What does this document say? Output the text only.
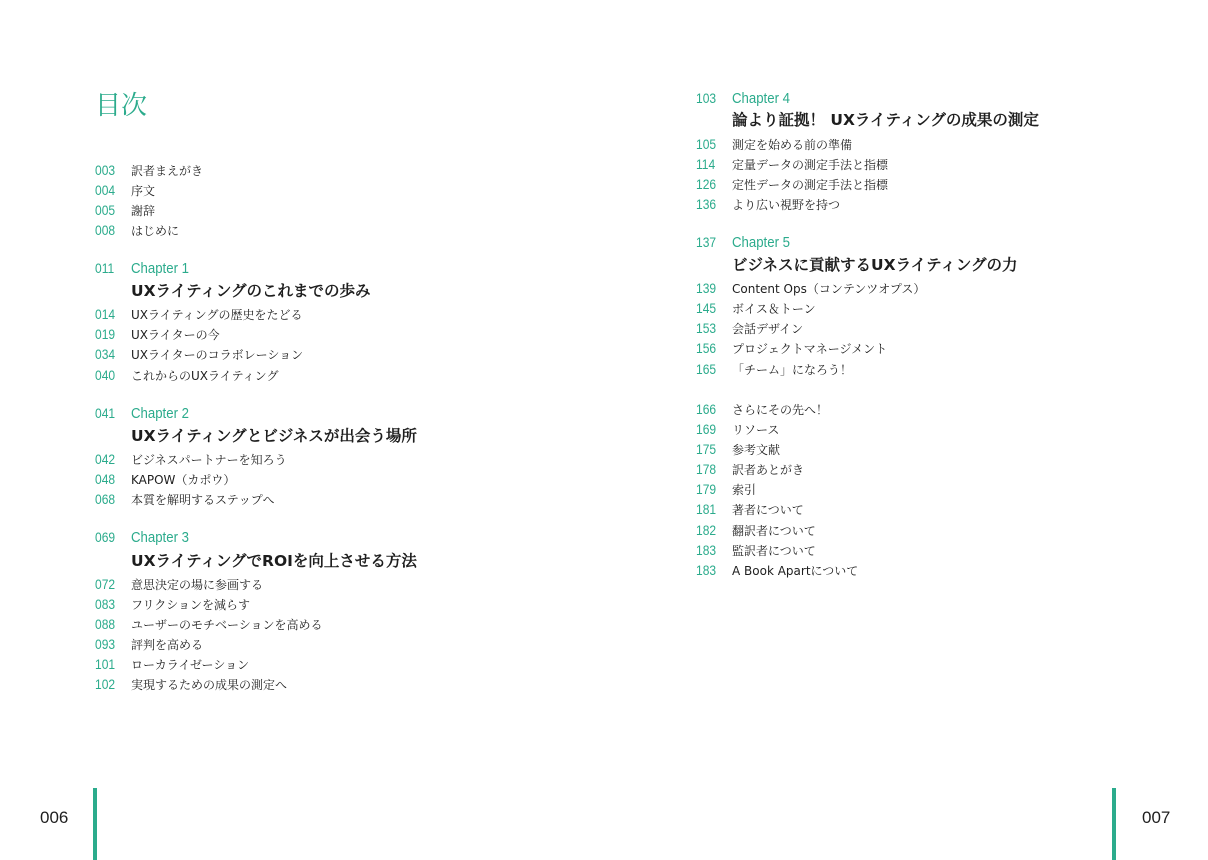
目次
003 訳者まえがき
004 序文
005 謝辞
008 はじめに
011 Chapter 1
UXライティングのこれまでの歩み
014 UXライティングの歴史をたどる
019 UXライターの今
034 UXライターのコラボレーション
040 これからのUXライティング
041 Chapter 2
UXライティングとビジネスが出会う場所
042 ビジネスパートナーを知ろう
048 KAPOW（カポウ）
068 本質を解明するステップへ
069 Chapter 3
UXライティングでROIを向上させる方法
072 意思決定の場に参画する
083 フリクションを減らす
088 ユーザーのモチベーションを高める
093 評判を高める
101 ローカライゼーション
102 実現するための成果の測定へ
103 Chapter 4
論より証拠！ UXライティングの成果の測定
105 測定を始める前の準備
114 定量データの測定手法と指標
126 定性データの測定手法と指標
136 より広い視野を持つ
137 Chapter 5
ビジネスに貢献するUXライティングの力
139 Content Ops（コンテンツオプス）
145 ボイス＆トーン
153 会話デザイン
156 プロジェクトマネージメント
165 「チーム」になろう！
166 さらにその先へ！
169 リソース
175 参考文献
178 訳者あとがき
179 索引
181 著者について
182 翻訳者について
183 監訳者について
183 A Book Apartについて
006	007
